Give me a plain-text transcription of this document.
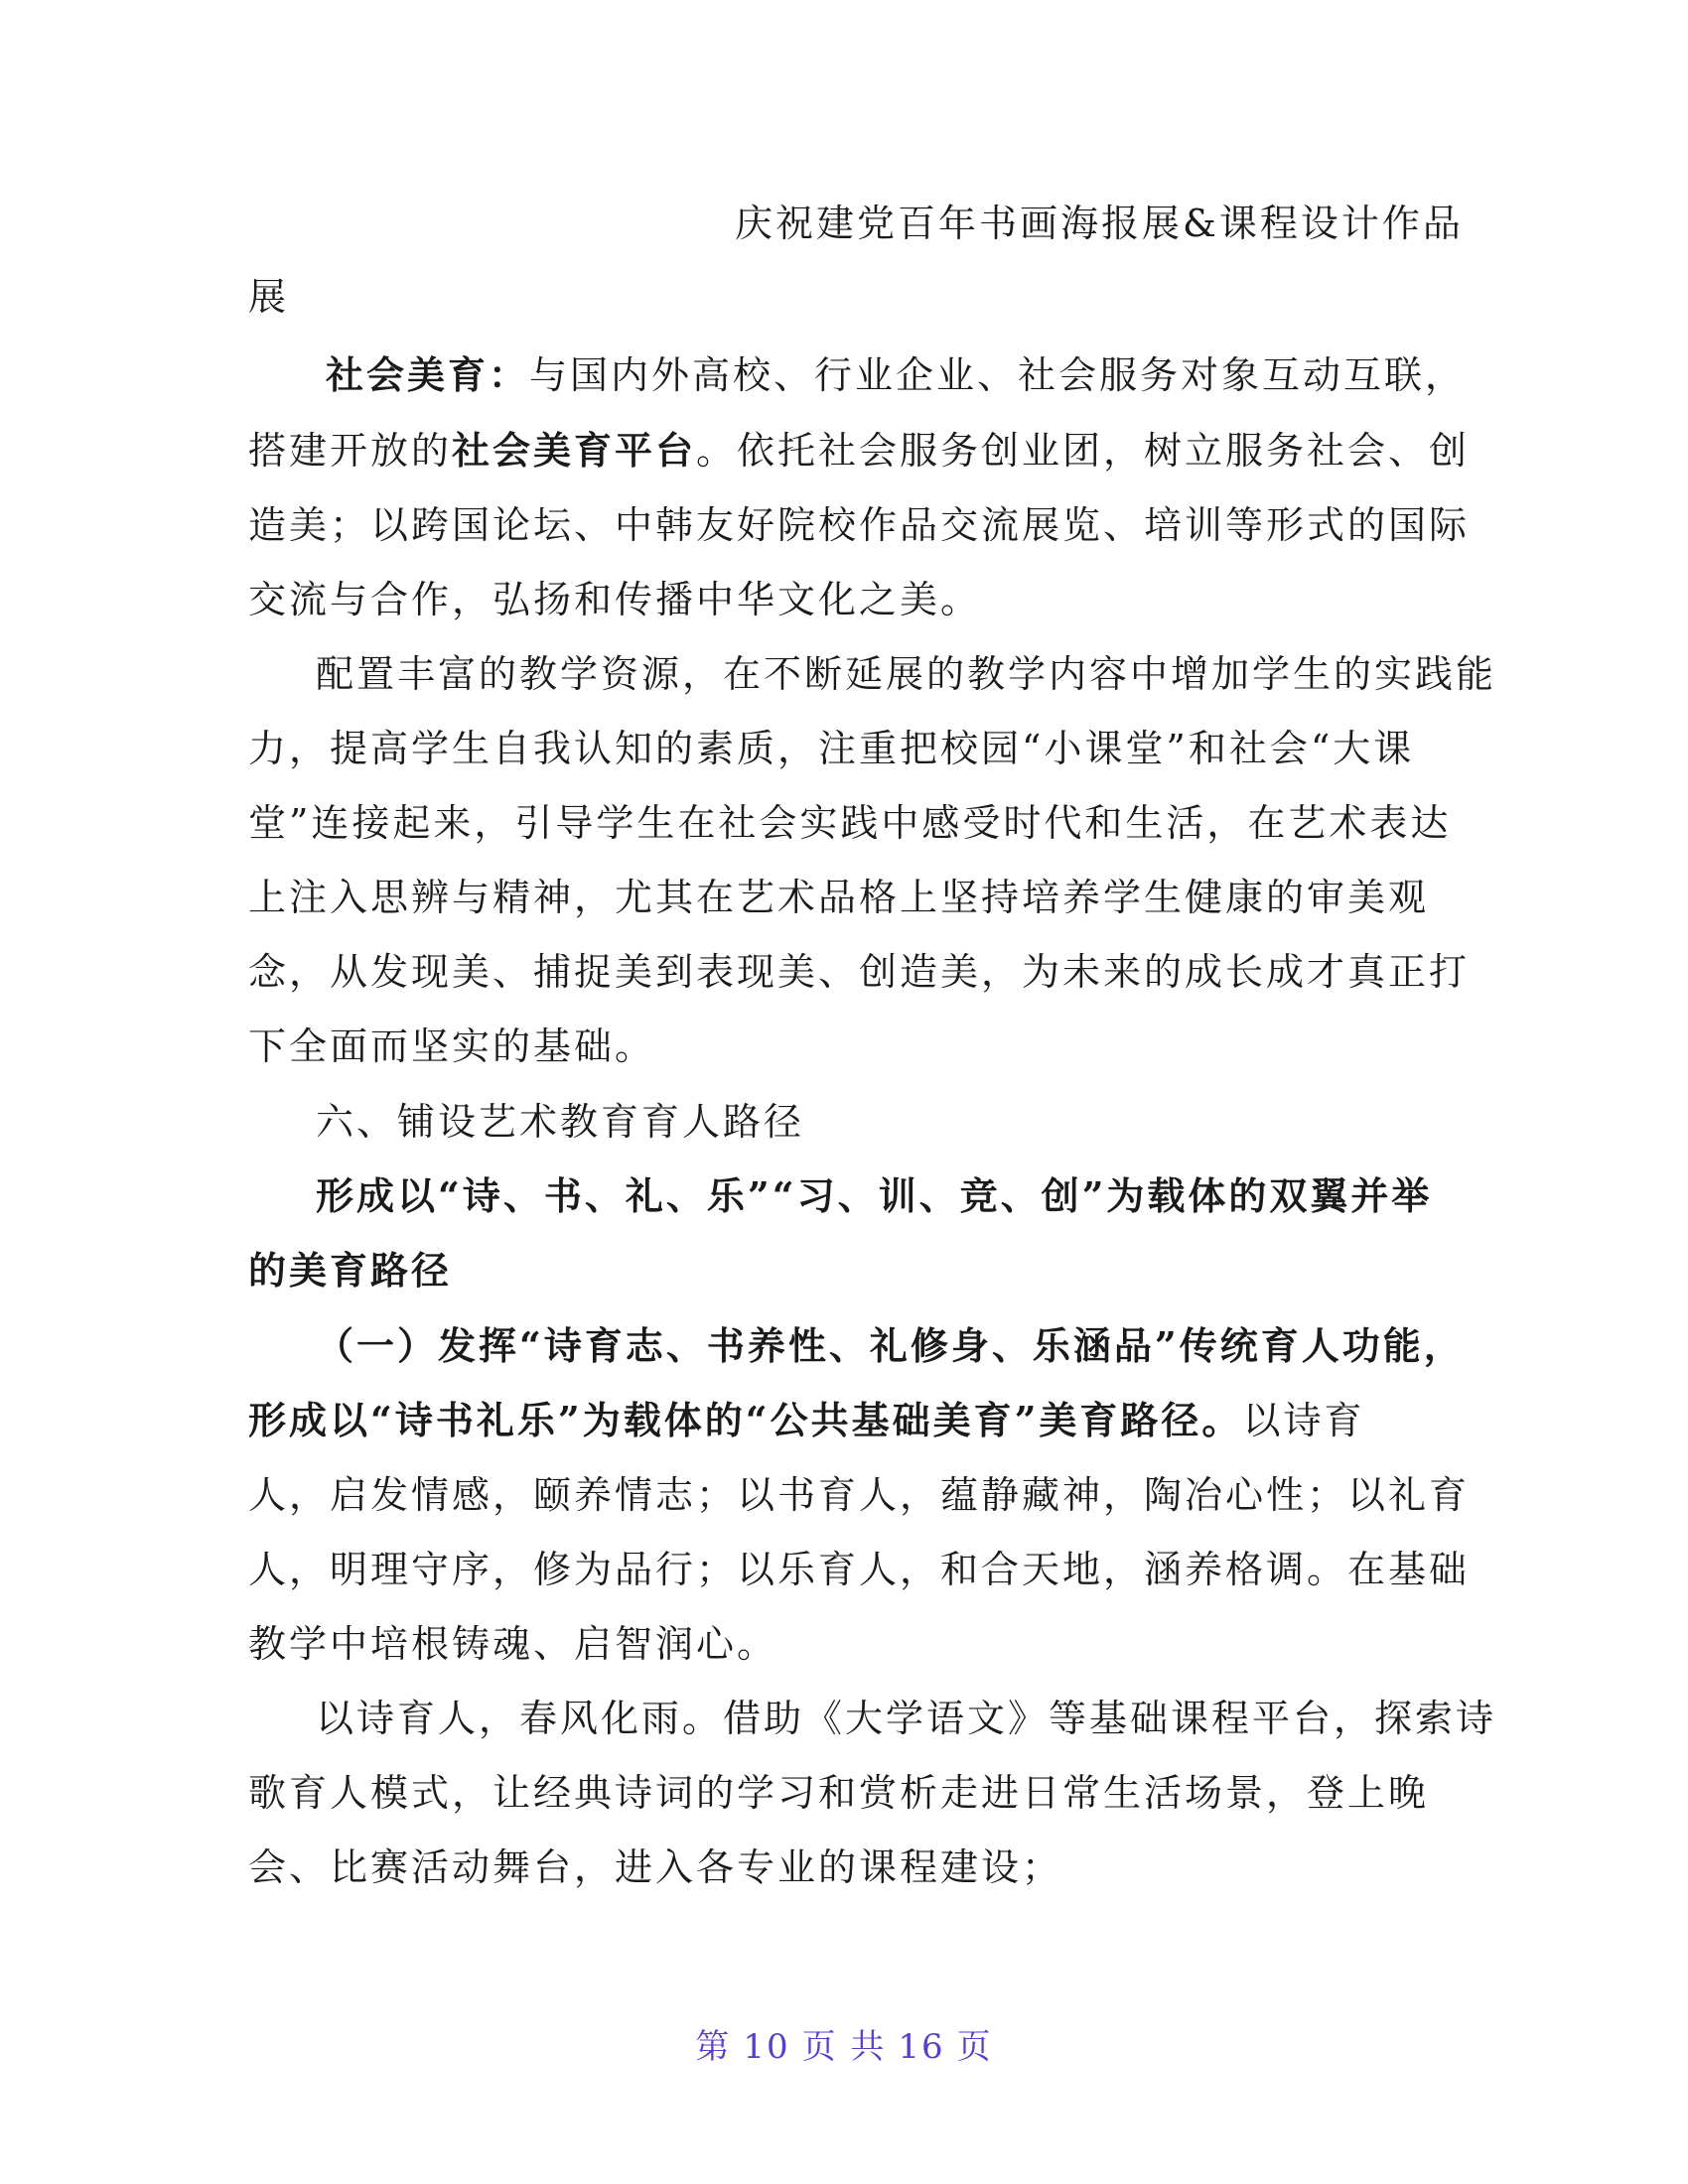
庆祝建党百年书画海报展&课程设计作品
展
社会美育：与国内外高校、行业企业、社会服务对象互动互联，
搭建开放的社会美育平台。依托社会服务创业团，树立服务社会、创
造美；以跨国论坛、中韩友好院校作品交流展览、培训等形式的国际
交流与合作，弘扬和传播中华文化之美。
配置丰富的教学资源，在不断延展的教学内容中增加学生的实践能
力，提高学生自我认知的素质，注重把校园“小课堂”和社会“大课
堂”连接起来，引导学生在社会实践中感受时代和生活，在艺术表达
上注入思辨与精神，尤其在艺术品格上坚持培养学生健康的审美观
念，从发现美、捕捉美到表现美、创造美，为未来的成长成才真正打
下全面而坚实的基础。
六、铺设艺术教育育人路径
形成以“诗、书、礼、乐”“习、训、竞、创”为载体的双翼并举
的美育路径
（一）发挥“诗育志、书养性、礼修身、乐涵品”传统育人功能，
形成以“诗书礼乐”为载体的“公共基础美育”美育路径。以诗育
人，启发情感，颐养情志；以书育人，蕴静藏神，陶冶心性；以礼育
人，明理守序，修为品行；以乐育人，和合天地，涵养格调。在基础
教学中培根铸魂、启智润心。
以诗育人，春风化雨。借助《大学语文》等基础课程平台，探索诗
歌育人模式，让经典诗词的学习和赏析走进日常生活场景，登上晚
会、比赛活动舞台，进入各专业的课程建设；
第 10 页 共 16 页
